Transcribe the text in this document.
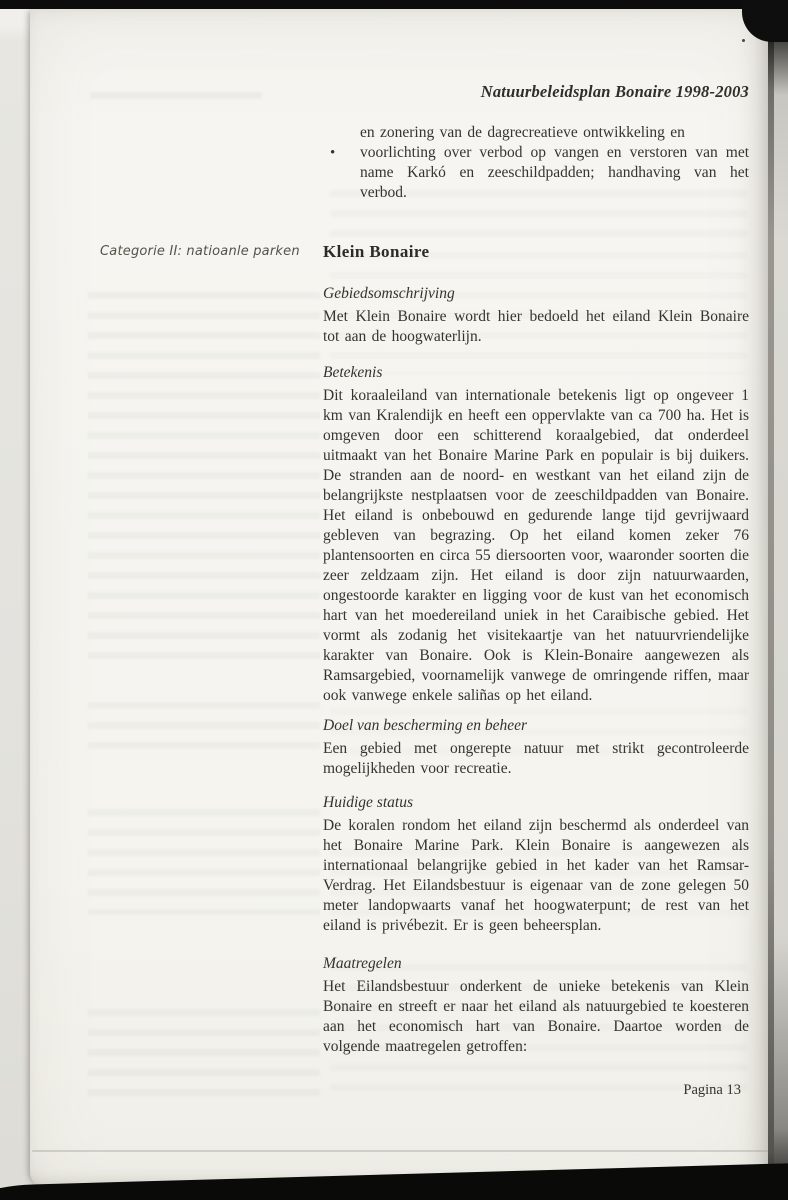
Natuurbeleidsplan Bonaire 1998-2003
en zonering van de dagrecreatieve ontwikkeling en
• voorlichting over verbod op vangen en verstoren van met name Karkó en zeeschildpadden; handhaving van het verbod.
Categorie II: natioanle parken	Klein Bonaire
Gebiedsomschrijving

Met Klein Bonaire wordt hier bedoeld het eiland Klein Bonaire tot aan de hoogwaterlijn.

Betekenis

Dit koraaleiland van internationale betekenis ligt op ongeveer 1 km van Kralendijk en heeft een oppervlakte van ca 700 ha. Het is omgeven door een schitterend koraalgebied, dat onderdeel uitmaakt van het Bonaire Marine Park en populair is bij duikers. De stranden aan de noord- en westkant van het eiland zijn de belangrijkste nestplaatsen voor de zeeschildpadden van Bonaire. Het eiland is onbebouwd en gedurende lange tijd gevrijwaard gebleven van begrazing. Op het eiland komen zeker 76 plantensoorten en circa 55 diersoorten voor, waaronder soorten die zeer zeldzaam zijn. Het eiland is door zijn natuurwaarden, ongestoorde karakter en ligging voor de kust van het economisch hart van het moedereiland uniek in het Caraibische gebied. Het vormt als zodanig het visitekaartje van het natuurvriendelijke karakter van Bonaire. Ook is Klein-Bonaire aangewezen als Ramsargebied, voornamelijk vanwege de omringende riffen, maar ook vanwege enkele saliñas op het eiland.

Doel van bescherming en beheer

Een gebied met ongerepte natuur met strikt gecontroleerde mogelijkheden voor recreatie.

Huidige status

De koralen rondom het eiland zijn beschermd als onderdeel van het Bonaire Marine Park. Klein Bonaire is aangewezen als internationaal belangrijke gebied in het kader van het Ramsar-Verdrag. Het Eilandsbestuur is eigenaar van de zone gelegen 50 meter landopwaarts vanaf het hoogwaterpunt; de rest van het eiland is privébezit. Er is geen beheersplan.

Maatregelen

Het Eilandsbestuur onderkent de unieke betekenis van Klein Bonaire en streeft er naar het eiland als natuurgebied te koesteren aan het economisch hart van Bonaire. Daartoe worden de volgende maatregelen getroffen:

Pagina 13
